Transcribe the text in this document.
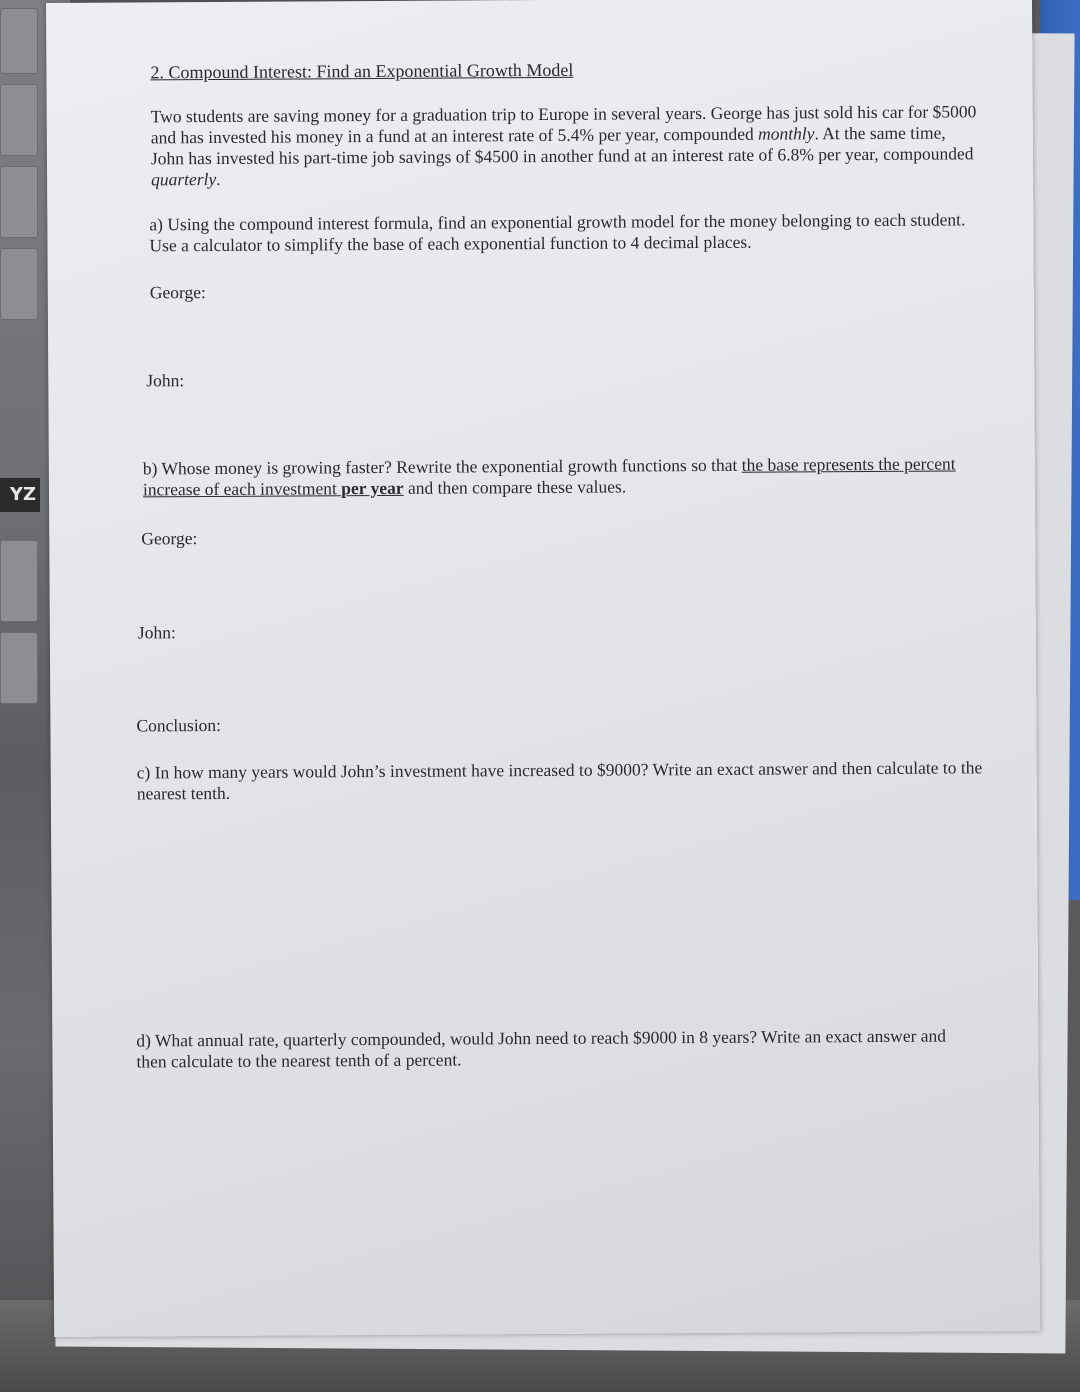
YZ
2. Compound Interest: Find an Exponential Growth Model
Two students are saving money for a graduation trip to Europe in several years. George has just sold his car for $5000 and has invested his money in a fund at an interest rate of 5.4% per year, compounded monthly. At the same time, John has invested his part-time job savings of $4500 in another fund at an interest rate of 6.8% per year, compounded quarterly.
a) Using the compound interest formula, find an exponential growth model for the money belonging to each student. Use a calculator to simplify the base of each exponential function to 4 decimal places.
George:
John:
b) Whose money is growing faster? Rewrite the exponential growth functions so that the base represents the percent increase of each investment per year and then compare these values.
George:
John:
Conclusion:
c) In how many years would John’s investment have increased to $9000? Write an exact answer and then calculate to the nearest tenth.
d) What annual rate, quarterly compounded, would John need to reach $9000 in 8 years? Write an exact answer and then calculate to the nearest tenth of a percent.
